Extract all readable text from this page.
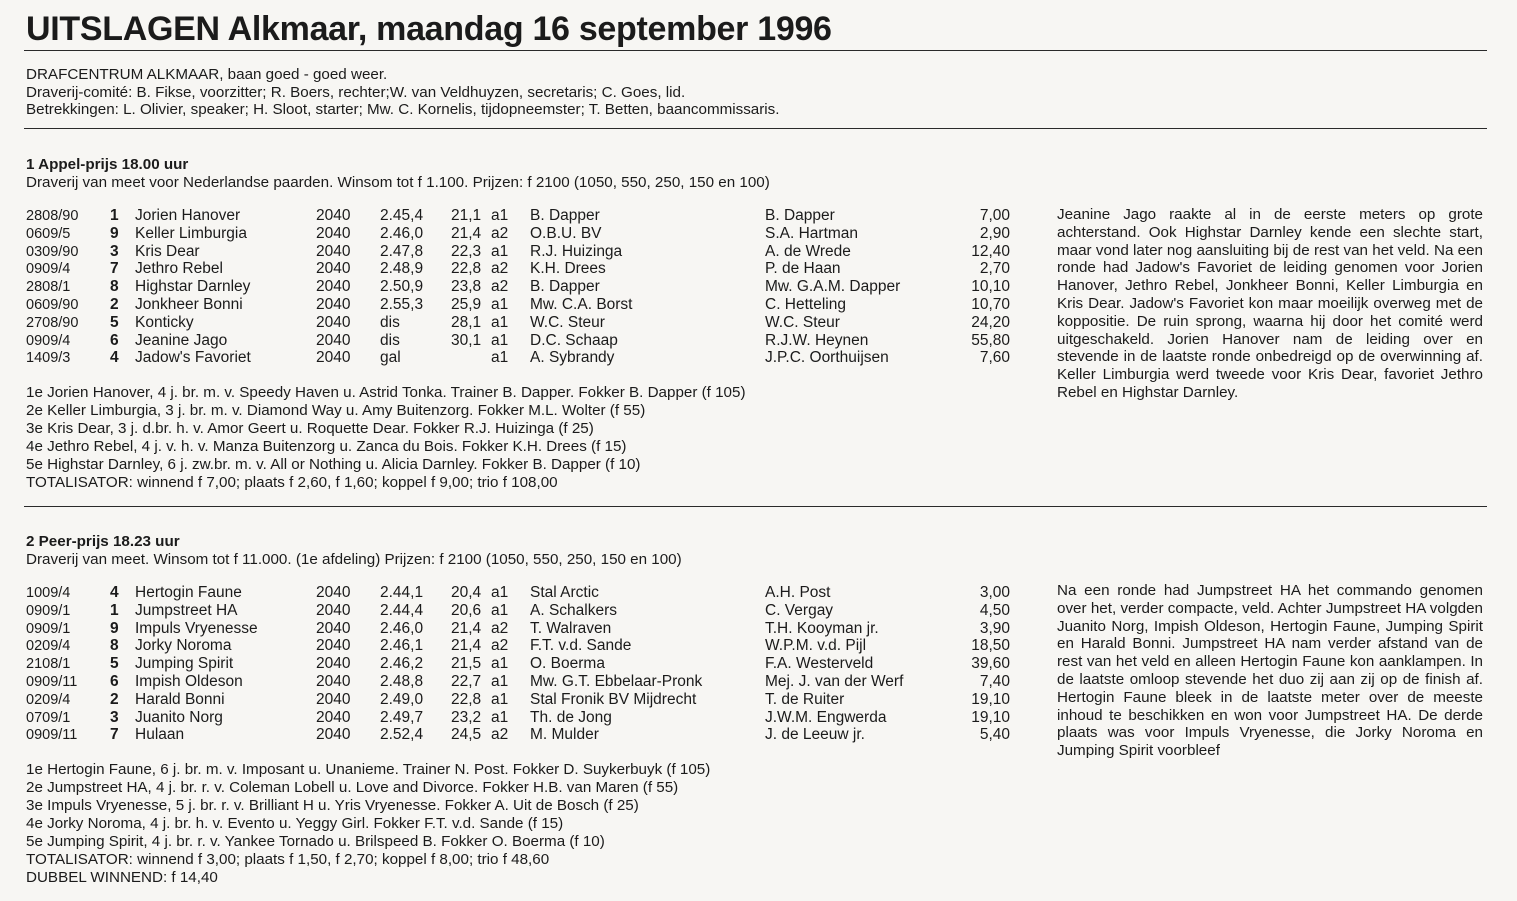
UITSLAGEN Alkmaar, maandag 16 september 1996
DRAFCENTRUM ALKMAAR, baan goed - goed weer.
Draverij-comité: B. Fikse, voorzitter; R. Boers, rechter;W. van Veldhuyzen, secretaris; C. Goes, lid.
Betrekkingen: L. Olivier, speaker; H. Sloot, starter; Mw. C. Kornelis, tijdopneemster; T. Betten, baancommissaris.
1 Appel-prijs 18.00 uur
Draverij van meet voor Nederlandse paarden. Winsom tot f 1.100. Prijzen: f 2100 (1050, 550, 250, 150 en 100)
2808/90 1 Jorien Hanover	2040 2.45,4 21,1 a1 B. Dapper	B. Dapper	7,00
0609/5	9 Keller Limburgia	2040 2.46,0 21,4 a2 O.B.U. BV	S.A. Hartman	2,90
0309/90 3 Kris Dear	2040 2.47,8 22,3 a1 R.J. Huizinga	A. de Wrede	12,40
0909/4	7 Jethro Rebel	2040 2.48,9 22,8 a2 K.H. Drees	P. de Haan	2,70
2808/1	8 Highstar Darnley	2040 2.50,9 23,8 a2 B. Dapper	Mw. G.A.M. Dapper	10,10
0609/90 2 Jonkheer Bonni	2040 2.55,3 25,9 a1 Mw. C.A. Borst	C. Hetteling	10,70
2708/90 5 Konticky	2040 dis	28,1 a1 W.C. Steur	W.C. Steur	24,20
0909/4	6 Jeanine Jago	2040 dis	30,1 a1 D.C. Schaap	R.J.W. Heynen	55,80
1409/3	4 Jadow's Favoriet	2040 gal	a1 A. Sybrandy	J.P.C. Oorthuijsen	7,60
1e Jorien Hanover, 4 j. br. m. v. Speedy Haven u. Astrid Tonka. Trainer B. Dapper. Fokker B. Dapper (f 105)
2e Keller Limburgia, 3 j. br. m. v. Diamond Way u. Amy Buitenzorg. Fokker M.L. Wolter (f 55)
3e Kris Dear, 3 j. d.br. h. v. Amor Geert u. Roquette Dear. Fokker R.J. Huizinga (f 25)
4e Jethro Rebel, 4 j. v. h. v. Manza Buitenzorg u. Zanca du Bois. Fokker K.H. Drees (f 15)
5e Highstar Darnley, 6 j. zw.br. m. v. All or Nothing u. Alicia Darnley. Fokker B. Dapper (f 10)
TOTALISATOR: winnend f 7,00; plaats f 2,60, f 1,60; koppel f 9,00; trio f 108,00
Jeanine Jago raakte al in de eerste meters op grote achterstand. Ook Highstar Darnley kende een slechte start, maar vond later nog aansluiting bij de rest van het veld. Na een ronde had Jadow's Favoriet de leiding genomen voor Jorien Hanover, Jethro Rebel, Jonkheer Bonni, Keller Limburgia en Kris Dear. Jadow's Favoriet kon maar moeilijk overweg met de koppositie. De ruin sprong, waarna hij door het comité werd uitgeschakeld. Jorien Hanover nam de leiding over en stevende in de laatste ronde onbedreigd op de overwinning af. Keller Limburgia werd tweede voor Kris Dear, favoriet Jethro Rebel en Highstar Darnley.
2 Peer-prijs 18.23 uur
Draverij van meet. Winsom tot f 11.000. (1e afdeling) Prijzen: f 2100 (1050, 550, 250, 150 en 100)
1009/4	4 Hertogin Faune	2040 2.44,1 20,4 a1 Stal Arctic	A.H. Post	3,00
0909/1	1 Jumpstreet HA	2040 2.44,4 20,6 a1 A. Schalkers	C. Vergay	4,50
0909/1	9 Impuls Vryenesse	2040 2.46,0 21,4 a2 T. Walraven	T.H. Kooyman jr.	3,90
0209/4	8 Jorky Noroma	2040 2.46,1 21,4 a2 F.T. v.d. Sande	W.P.M. v.d. Pijl	18,50
2108/1	5 Jumping Spirit	2040 2.46,2 21,5 a1 O. Boerma	F.A. Westerveld	39,60
0909/11 6 Impish Oldeson	2040 2.48,8 22,7 a1 Mw. G.T. Ebbelaar-Pronk	Mej. J. van der Werf	7,40
0209/4	2 Harald Bonni	2040 2.49,0 22,8 a1 Stal Fronik BV Mijdrecht	T. de Ruiter	19,10
0709/1	3 Juanito Norg	2040 2.49,7 23,2 a1 Th. de Jong	J.W.M. Engwerda	19,10
0909/11 7 Hulaan	2040 2.52,4 24,5 a2 M. Mulder	J. de Leeuw jr.	5,40
1e Hertogin Faune, 6 j. br. m. v. Imposant u. Unanieme. Trainer N. Post. Fokker D. Suykerbuyk (f 105)
2e Jumpstreet HA, 4 j. br. r. v. Coleman Lobell u. Love and Divorce. Fokker H.B. van Maren (f 55)
3e Impuls Vryenesse, 5 j. br. r. v. Brilliant H u. Yris Vryenesse. Fokker A. Uit de Bosch (f 25)
4e Jorky Noroma, 4 j. br. h. v. Evento u. Yeggy Girl. Fokker F.T. v.d. Sande (f 15)
5e Jumping Spirit, 4 j. br. r. v. Yankee Tornado u. Brilspeed B. Fokker O. Boerma (f 10)
TOTALISATOR: winnend f 3,00; plaats f 1,50, f 2,70; koppel f 8,00; trio f 48,60
DUBBEL WINNEND: f 14,40
Na een ronde had Jumpstreet HA het commando genomen over het, verder compacte, veld. Achter Jumpstreet HA volgden Juanito Norg, Impish Oldeson, Hertogin Faune, Jumping Spirit en Harald Bonni. Jumpstreet HA nam verder afstand van de rest van het veld en alleen Hertogin Faune kon aanklampen. In de laatste omloop stevende het duo zij aan zij op de finish af. Hertogin Faune bleek in de laatste meter over de meeste inhoud te beschikken en won voor Jumpstreet HA. De derde plaats was voor Impuls Vryenesse, die Jorky Noroma en Jumping Spirit voorbleef
